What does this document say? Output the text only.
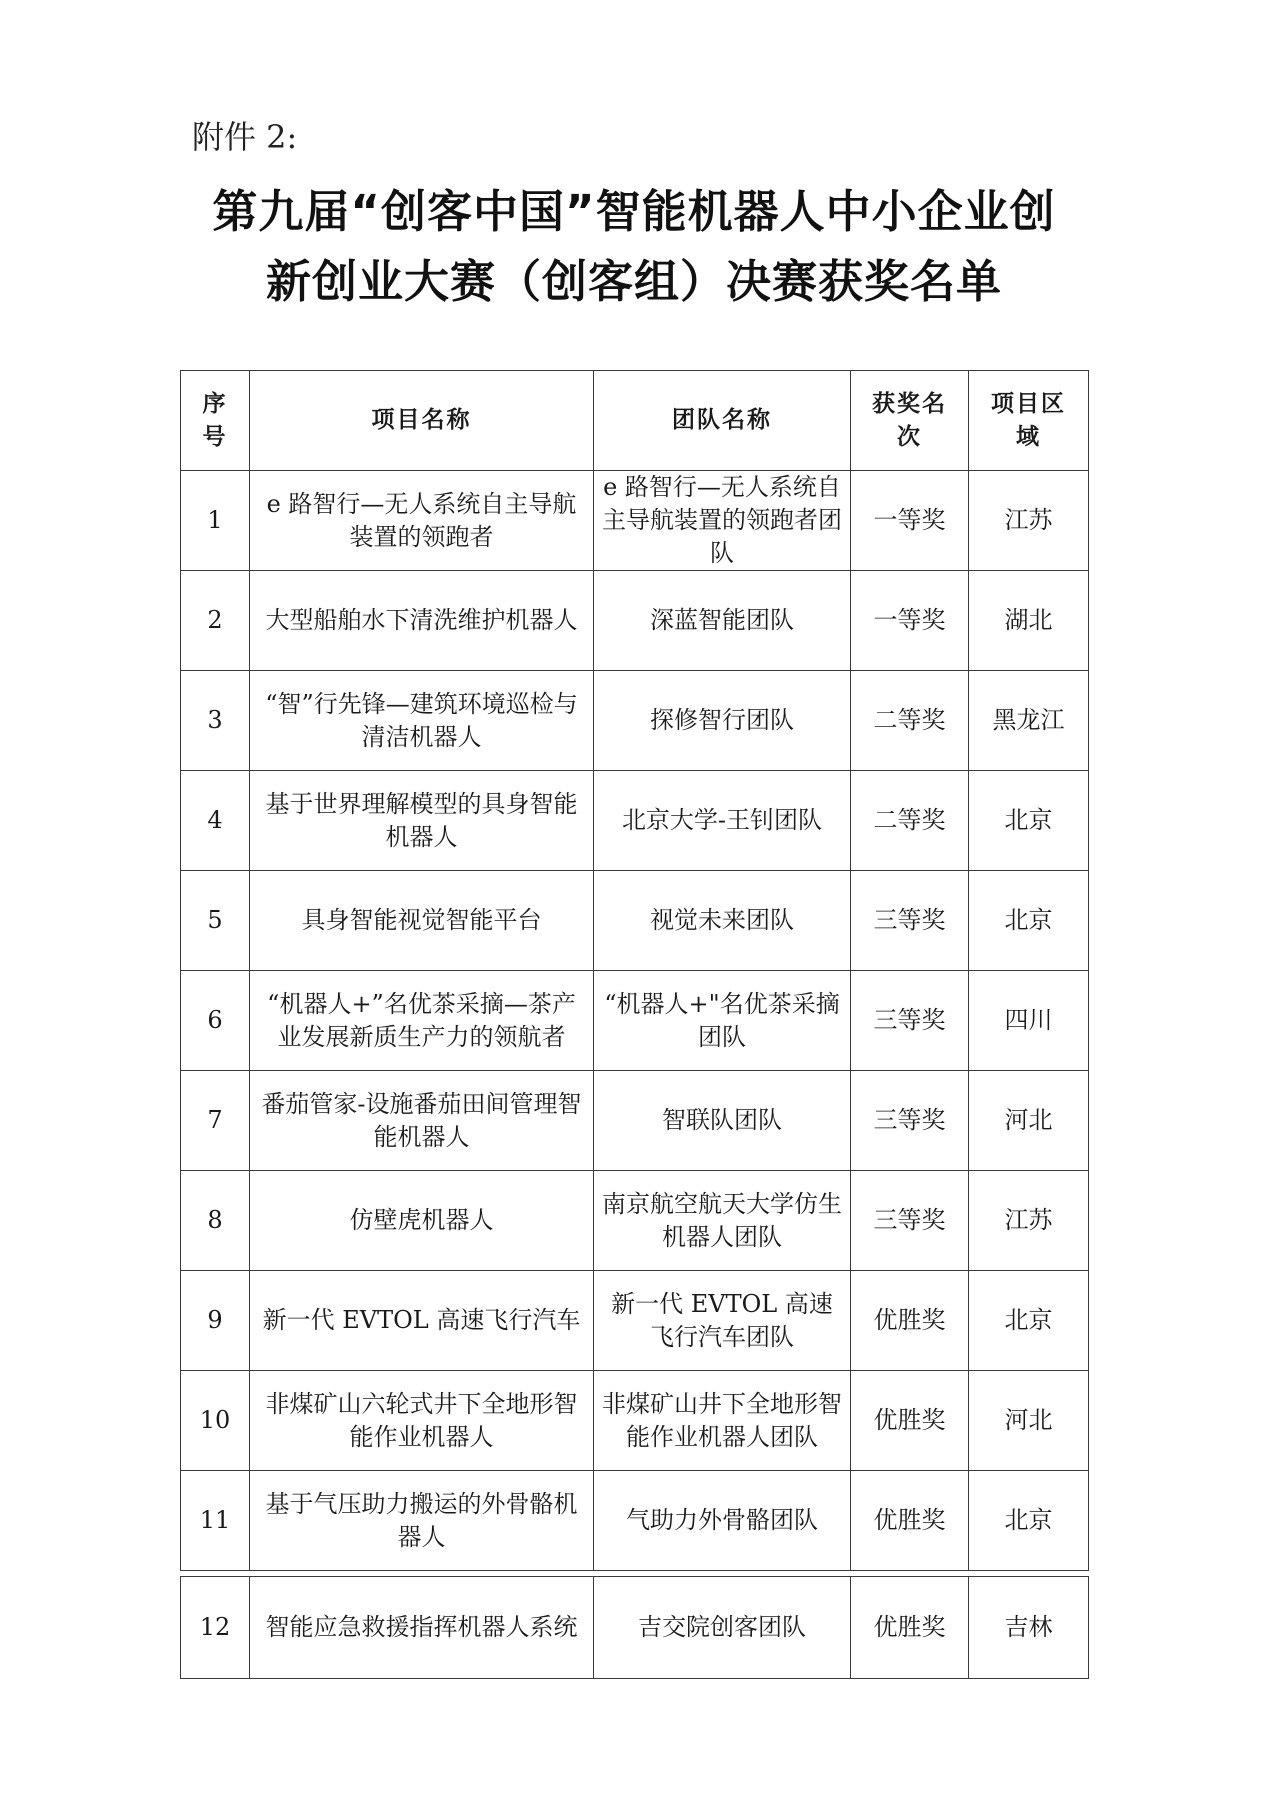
附件 2:
第九届“创客中国”智能机器人中小企业创
新创业大赛（创客组）决赛获奖名单
序号	项目名称	团队名称	获奖名次	项目区域
1	e 路智行—无人系统自主导航装置的领跑者	e 路智行—无人系统自主导航装置的领跑者团队	一等奖	江苏
2	大型船舶水下清洗维护机器人	深蓝智能团队	一等奖	湖北
3	“智”行先锋—建筑环境巡检与清洁机器人	探修智行团队	二等奖	黑龙江
4	基于世界理解模型的具身智能机器人	北京大学-王钊团队	二等奖	北京
5	具身智能视觉智能平台	视觉未来团队	三等奖	北京
6	“机器人+”名优茶采摘—茶产业发展新质生产力的领航者	“机器人+"名优茶采摘团队	三等奖	四川
7	番茄管家-设施番茄田间管理智能机器人	智联队团队	三等奖	河北
8	仿壁虎机器人	南京航空航天大学仿生机器人团队	三等奖	江苏
9	新一代 EVTOL 高速飞行汽车	新一代 EVTOL 高速飞行汽车团队	优胜奖	北京
10	非煤矿山六轮式井下全地形智能作业机器人	非煤矿山井下全地形智能作业机器人团队	优胜奖	河北
11	基于气压助力搬运的外骨骼机器人	气助力外骨骼团队	优胜奖	北京

12	智能应急救援指挥机器人系统	吉交院创客团队	优胜奖	吉林
